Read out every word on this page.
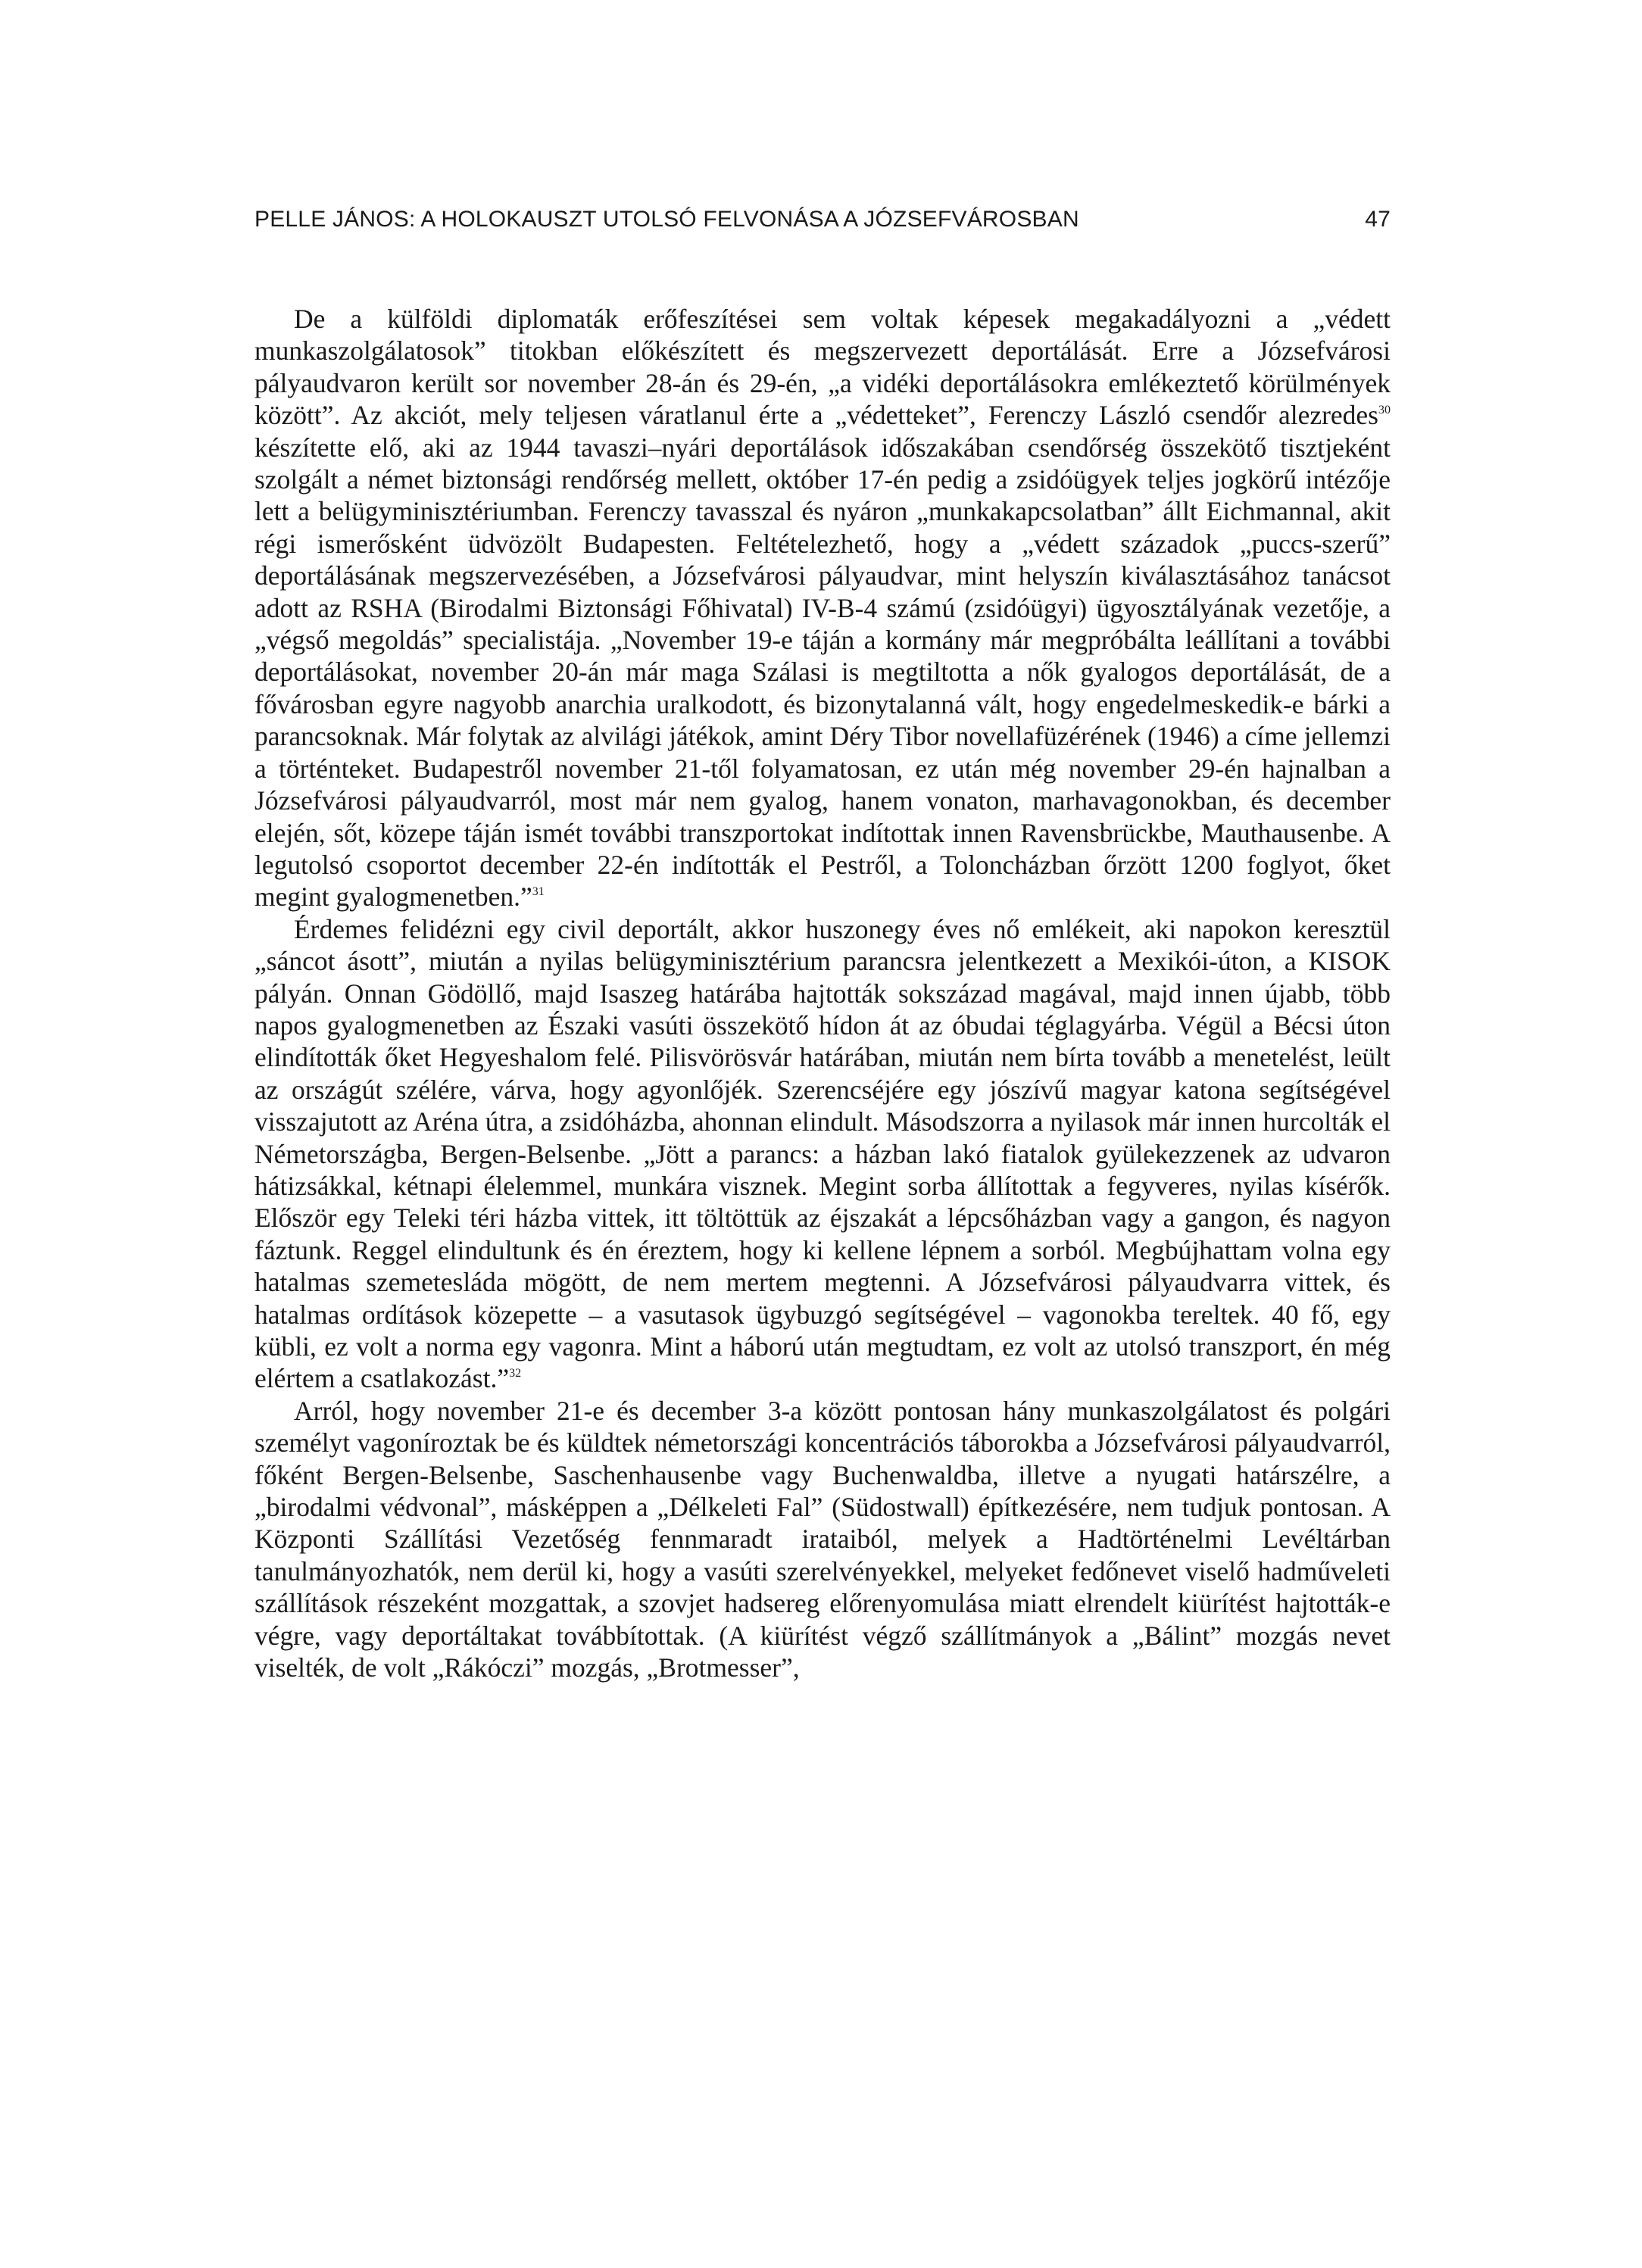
PELLE JÁNOS: A HOLOKAUSZT UTOLSÓ FELVONÁSA A JÓZSEFVÁROSBAN	47

De a külföldi diplomaták erőfeszítései sem voltak képesek megakadályozni a „védett munkaszolgálatosok” titokban előkészített és megszervezett deportálását. Erre a Józsefvárosi pályaudvaron került sor november 28-án és 29-én, „a vidéki deportálásokra emlékeztető körülmények között”. Az akciót, mely teljesen váratlanul érte a „védetteket”, Ferenczy László csendőr alezredes$^{30}$ készítette elő, aki az 1944 tavaszi–nyári deportálások időszakában csendőrség összekötő tisztjeként szolgált a német biztonsági rendőrség mellett, október 17-én pedig a zsidóügyek teljes jogkörű intézője lett a belügyminisztériumban. Ferenczy tavasszal és nyáron „munkakapcsolatban” állt Eichmannal, akit régi ismerősként üdvözölt Budapesten. Feltételezhető, hogy a „védett századok „puccs-szerű” deportálásának megszervezésében, a Józsefvárosi pályaudvar, mint helyszín kiválasztásához tanácsot adott az RSHA (Birodalmi Biztonsági Főhivatal) IV-B-4 számú (zsidóügyi) ügyosztályának vezetője, a „végső megoldás” specialistája. „November 19-e táján a kormány már megpróbálta leállítani a további deportálásokat, november 20-án már maga Szálasi is megtiltotta a nők gyalogos deportálását, de a fővárosban egyre nagyobb anarchia uralkodott, és bizonytalanná vált, hogy engedelmeskedik-e bárki a parancsoknak. Már folytak az alvilági játékok, amint Déry Tibor novellafüzérének (1946) a címe jellemzi a történteket. Budapestről november 21-től folyamatosan, ez után még november 29-én hajnalban a Józsefvárosi pályaudvarról, most már nem gyalog, hanem vonaton, marhavagonokban, és december elején, sőt, közepe táján ismét további transzportokat indítottak innen Ravensbrückbe, Mauthausenbe. A legutolsó csoportot december 22-én indították el Pestről, a Toloncházban őrzött 1200 foglyot, őket megint gyalogmenetben.”$^{31}$

Érdemes felidézni egy civil deportált, akkor huszonegy éves nő emlékeit, aki napokon keresztül „sáncot ásott”, miután a nyilas belügyminisztérium parancsra jelentkezett a Mexikói-úton, a KISOK pályán. Onnan Gödöllő, majd Isaszeg határába hajtották sokszázad magával, majd innen újabb, több napos gyalogmenetben az Északi vasúti összekötő hídon át az óbudai téglagyárba. Végül a Bécsi úton elindították őket Hegyeshalom felé. Pilisvörösvár határában, miután nem bírta tovább a menetelést, leült az országút szélére, várva, hogy agyonlőjék. Szerencséjére egy jószívű magyar katona segítségével visszajutott az Aréna útra, a zsidóházba, ahonnan elindult. Másodszorra a nyilasok már innen hurcolták el Németországba, Bergen-Belsenbe. „Jött a parancs: a házban lakó fiatalok gyülekezzenek az udvaron hátizsákkal, kétnapi élelemmel, munkára visznek. Megint sorba állítottak a fegyveres, nyilas kísérők. Először egy Teleki téri házba vittek, itt töltöttük az éjszakát a lépcsőházban vagy a gangon, és nagyon fáztunk. Reggel elindultunk és én éreztem, hogy ki kellene lépnem a sorból. Megbújhattam volna egy hatalmas szemetesláda mögött, de nem mertem megtenni. A Józsefvárosi pályaudvarra vittek, és hatalmas ordítások közepette – a vasutasok ügybuzgó segítségével – vagonokba tereltek. 40 fő, egy kübli, ez volt a norma egy vagonra. Mint a háború után megtudtam, ez volt az utolsó transzport, én még elértem a csatlakozást.”$^{32}$

Arról, hogy november 21-e és december 3-a között pontosan hány munkaszolgálatost és polgári személyt vagoníroztak be és küldtek németországi koncentrációs táborokba a Józsefvárosi pályaudvarról, főként Bergen-Belsenbe, Saschenhausenbe vagy Buchenwaldba, illetve a nyugati határszélre, a „birodalmi védvonal”, másképpen a „Délkeleti Fal” (Südostwall) építkezésére, nem tudjuk pontosan. A Központi Szállítási Vezetőség fennmaradt irataiból, melyek a Hadtörténelmi Levéltárban tanulmányozhatók, nem derül ki, hogy a vasúti szerelvényekkel, melyeket fedőnevet viselő hadműveleti szállítások részeként mozgattak, a szovjet hadsereg előrenyomulása miatt elrendelt kiürítést hajtották-e végre, vagy deportáltakat továbbítottak. (A kiürítést végző szállítmányok a „Bálint” mozgás nevet viselték, de volt „Rákóczi” mozgás, „Brotmesser”,
